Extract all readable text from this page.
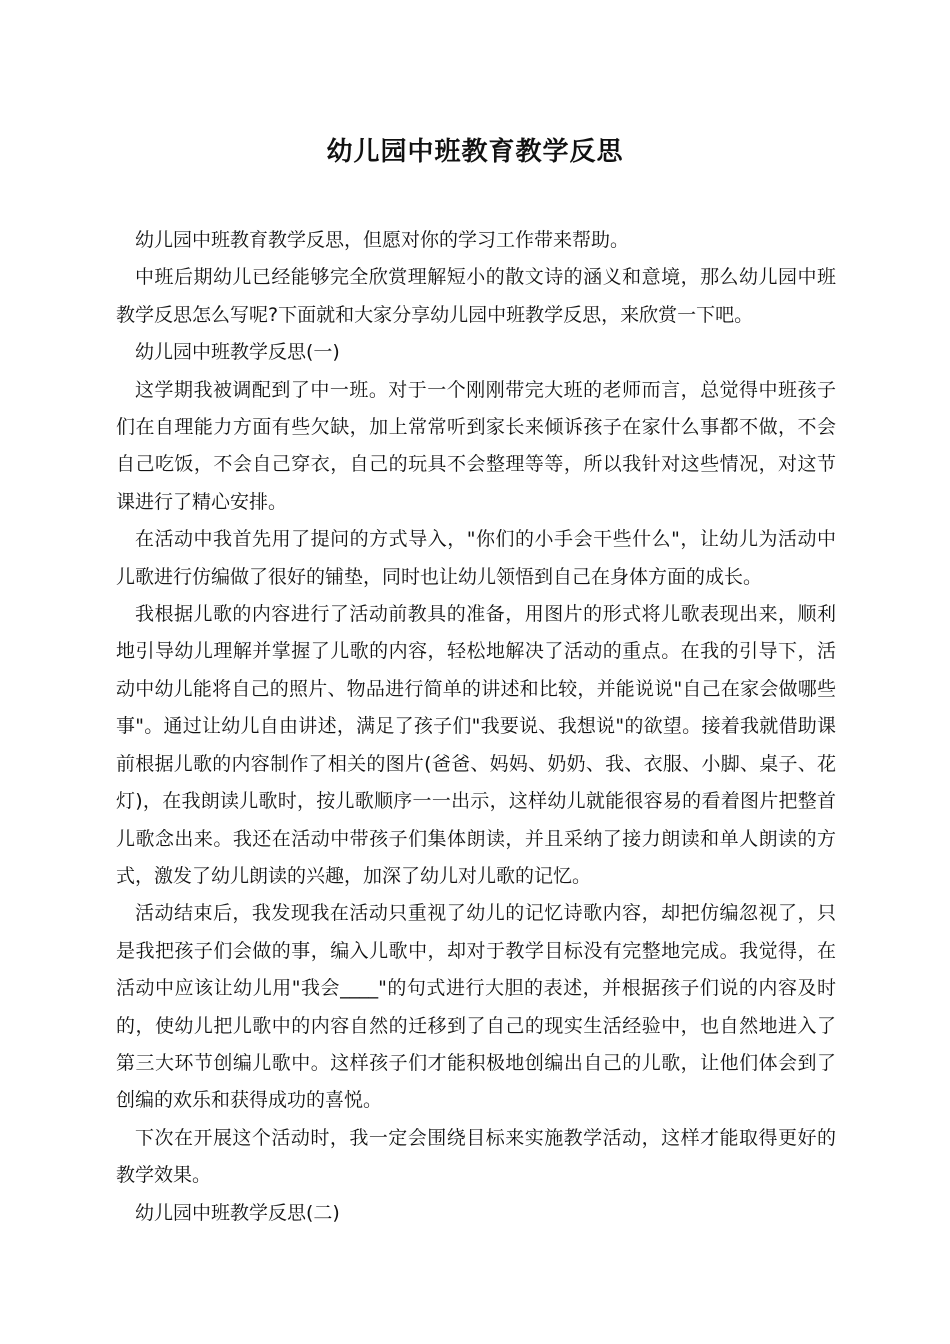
幼儿园中班教育教学反思

幼儿园中班教育教学反思，但愿对你的学习工作带来帮助。

中班后期幼儿已经能够完全欣赏理解短小的散文诗的涵义和意境，那么幼儿园中班教学反思怎么写呢?下面就和大家分享幼儿园中班教学反思，来欣赏一下吧。

幼儿园中班教学反思(一)

这学期我被调配到了中一班。对于一个刚刚带完大班的老师而言，总觉得中班孩子们在自理能力方面有些欠缺，加上常常听到家长来倾诉孩子在家什么事都不做，不会自己吃饭，不会自己穿衣，自己的玩具不会整理等等，所以我针对这些情况，对这节课进行了精心安排。

在活动中我首先用了提问的方式导入，"你们的小手会干些什么"，让幼儿为活动中儿歌进行仿编做了很好的铺垫，同时也让幼儿领悟到自己在身体方面的成长。

我根据儿歌的内容进行了活动前教具的准备，用图片的形式将儿歌表现出来，顺利地引导幼儿理解并掌握了儿歌的内容，轻松地解决了活动的重点。在我的引导下，活动中幼儿能将自己的照片、物品进行简单的讲述和比较，并能说说"自己在家会做哪些事"。通过让幼儿自由讲述，满足了孩子们"我要说、我想说"的欲望。接着我就借助课前根据儿歌的内容制作了相关的图片(爸爸、妈妈、奶奶、我、衣服、小脚、桌子、花灯)，在我朗读儿歌时，按儿歌顺序一一出示，这样幼儿就能很容易的看着图片把整首儿歌念出来。我还在活动中带孩子们集体朗读，并且采纳了接力朗读和单人朗读的方式，激发了幼儿朗读的兴趣，加深了幼儿对儿歌的记忆。

活动结束后，我发现我在活动只重视了幼儿的记忆诗歌内容，却把仿编忽视了，只是我把孩子们会做的事，编入儿歌中，却对于教学目标没有完整地完成。我觉得，在活动中应该让幼儿用"我会____"的句式进行大胆的表述，并根据孩子们说的内容及时的，使幼儿把儿歌中的内容自然的迁移到了自己的现实生活经验中，也自然地进入了第三大环节创编儿歌中。这样孩子们才能积极地创编出自己的儿歌，让他们体会到了创编的欢乐和获得成功的喜悦。

下次在开展这个活动时，我一定会围绕目标来实施教学活动，这样才能取得更好的教学效果。

幼儿园中班教学反思(二)
